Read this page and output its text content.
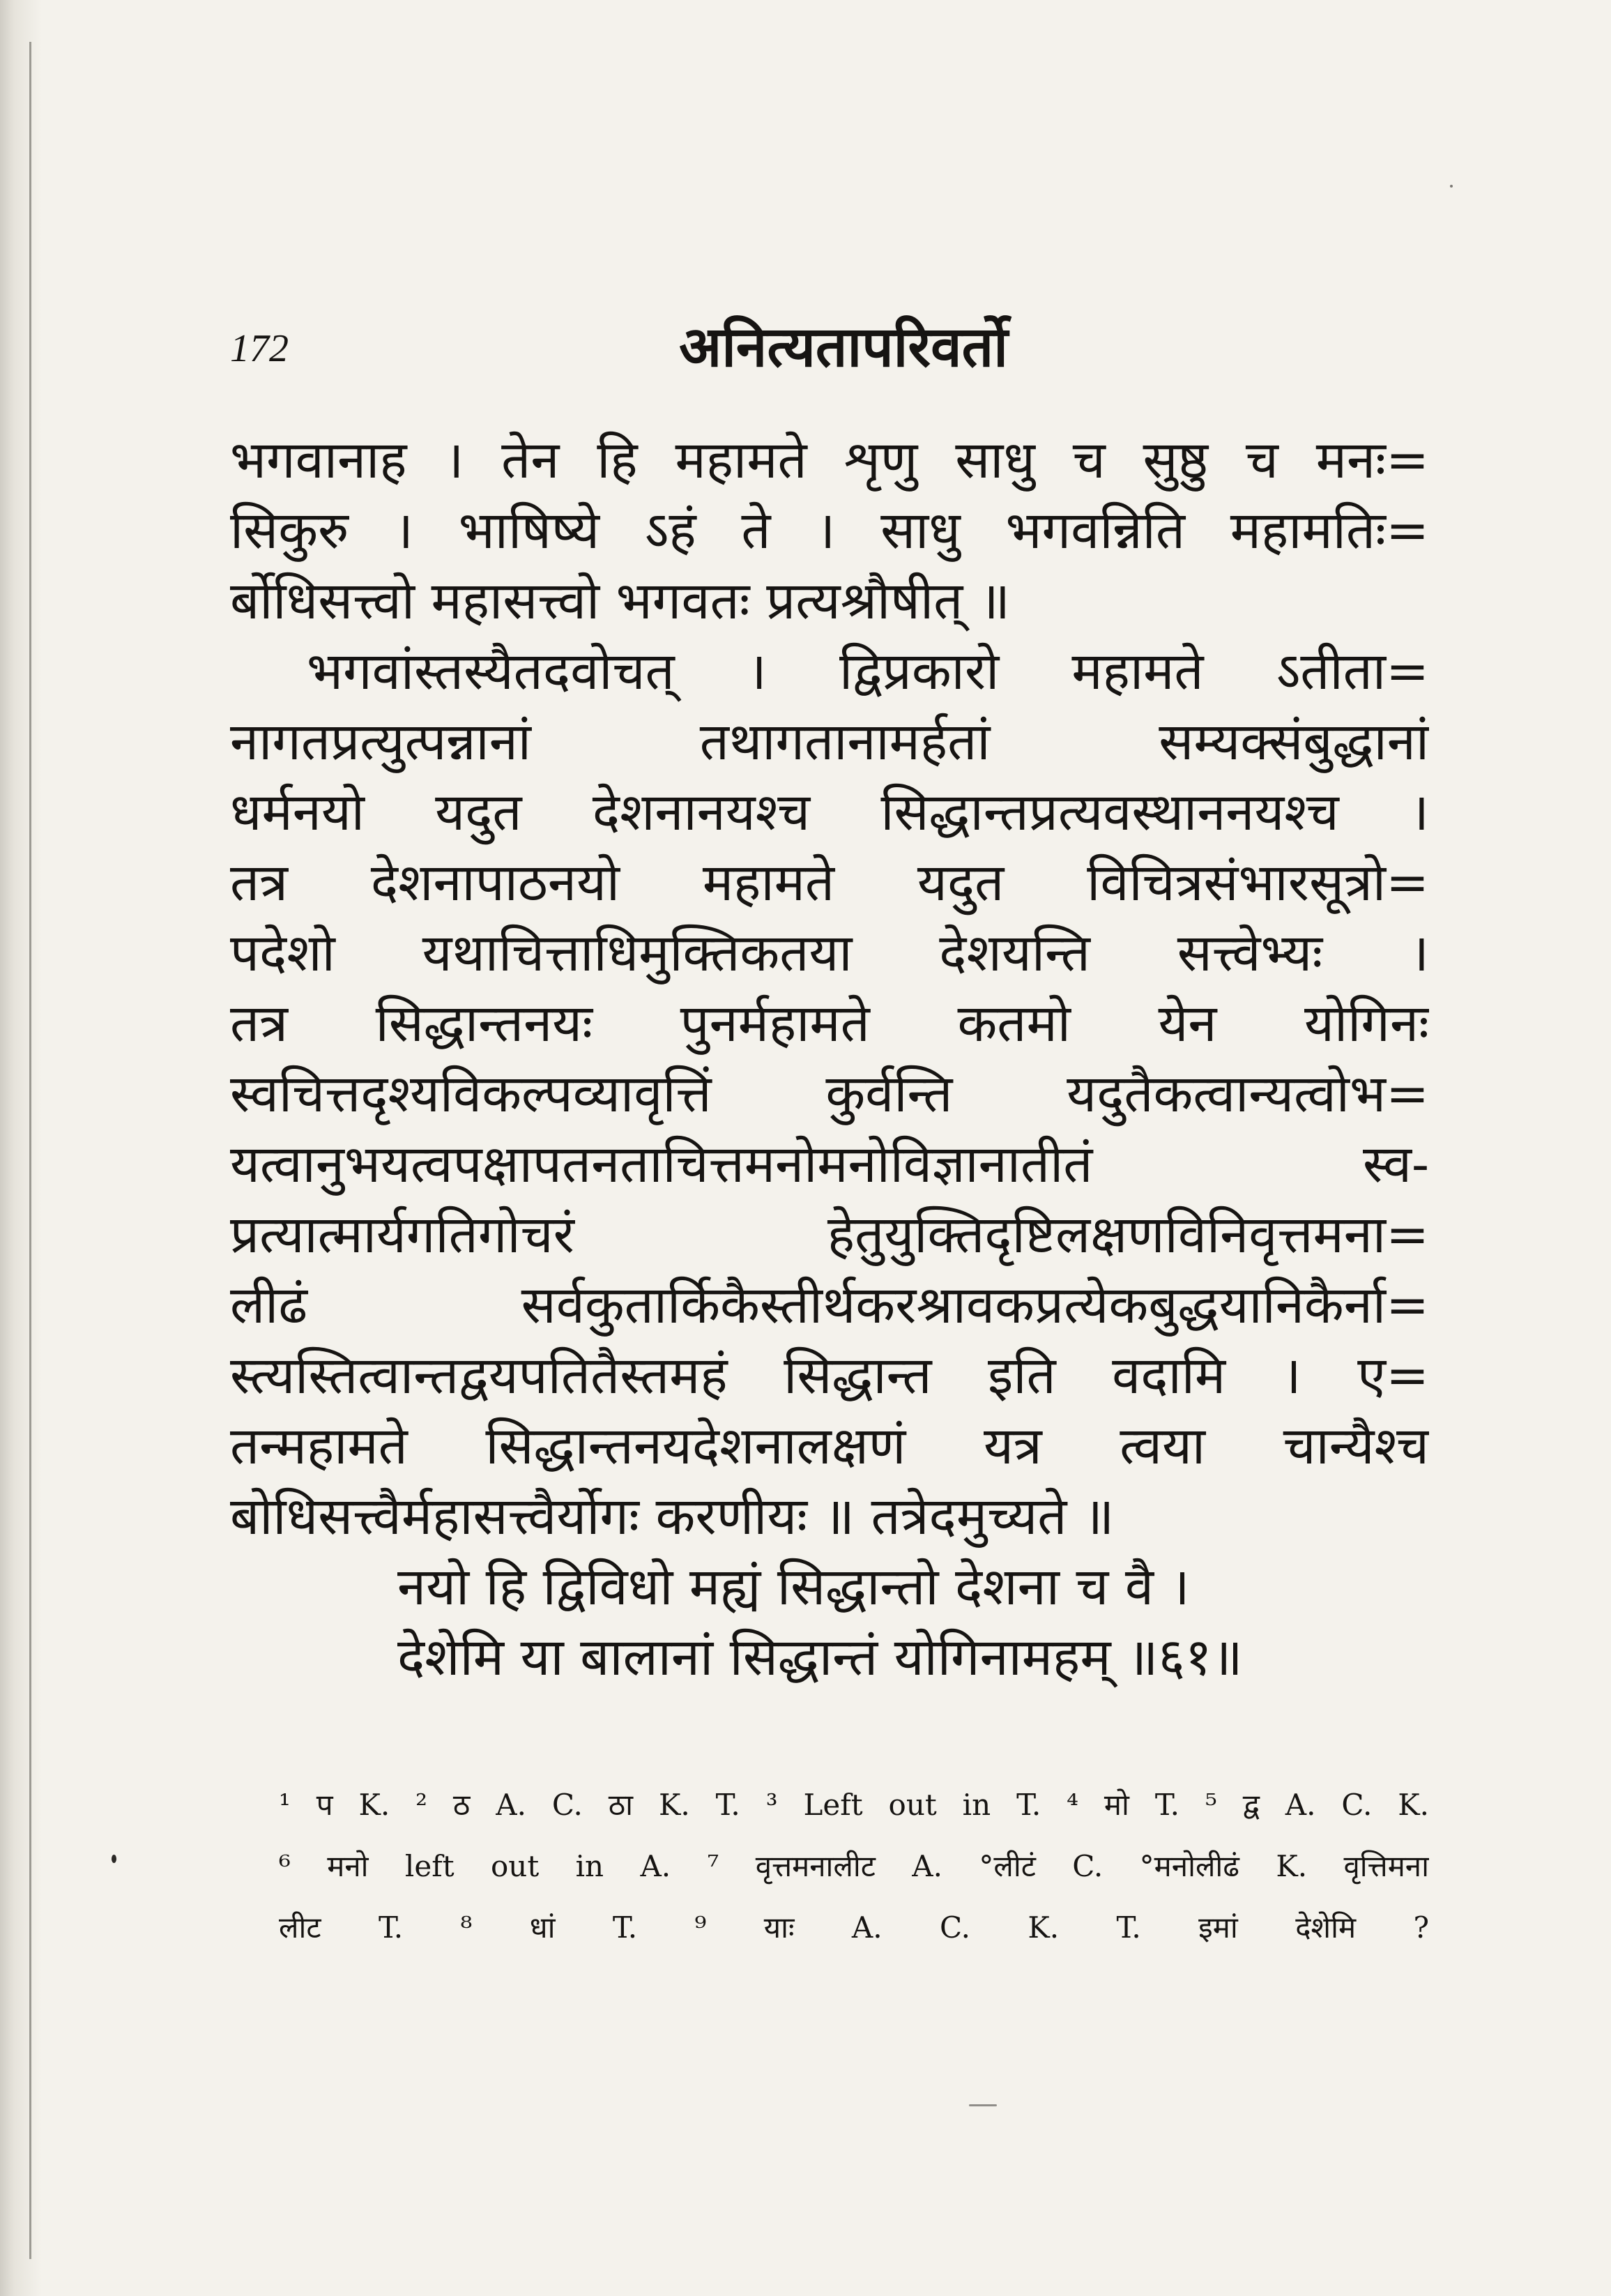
172	अनित्यतापरिवर्तो
भगवानाह । तेन हि महामते शृणु साधु च सुष्ठु च मनः=
सिकुरु । भाषिष्ये ऽहं ते । साधु भगवन्निति महामतिः=
र्बोधिसत्त्वो महासत्त्वो भगवतः प्रत्यश्रौषीत् ॥
भगवांस्तस्यैतदवोचत् । द्विप्रकारो महामते ऽतीता=
नागतप्रत्युत्पन्नानां तथागतानामर्हतां सम्यक्संबुद्धानां
धर्मनयो यदुत देशनानयश्च सिद्धान्तप्रत्यवस्थाननयश्च ।
तत्र देशनापाठनयो महामते यदुत विचित्रसंभारसूत्रो=
पदेशो यथाचित्ताधिमुक्तिकतया देशयन्ति सत्त्वेभ्यः ।
तत्र सिद्धान्तनयः पुनर्महामते कतमो येन योगिनः
स्वचित्तदृश्यविकल्पव्यावृत्तिं कुर्वन्ति यदुतैकत्वान्यत्वोभ=
यत्वानुभयत्वपक्षापतनताचित्तमनोमनोविज्ञानातीतं स्व-
प्रत्यात्मार्यगतिगोचरं हेतुयुक्तिदृष्टिलक्षणविनिवृत्तमना=
लीढं सर्वकुतार्किकैस्तीर्थकरश्रावकप्रत्येकबुद्धयानिकैर्ना=
स्त्यस्तित्वान्तद्वयपतितैस्तमहं सिद्धान्त इति वदामि । ए=
तन्महामते सिद्धान्तनयदेशनालक्षणं यत्र त्वया चान्यैश्च
बोधिसत्त्वैर्महासत्त्वैर्योगः करणीयः ॥ तत्रेदमुच्यते ॥
नयो हि द्विविधो मह्यं सिद्धान्तो देशना च वै ।
देशेमि या बालानां सिद्धान्तं योगिनामहम् ॥६१॥
¹ प K. ² ठ A. C. ठा K. T. ³ Left out in T. ⁴ मो T. ⁵ द्व A. C. K.
⁶ मनो left out in A. ⁷ वृत्तमनालीट A. °लीटं C. °मनोलीढं K. वृत्तिमना
लीट T. ⁸ धां T. ⁹ याः A. C. K. T. इमां देशेमि ?
